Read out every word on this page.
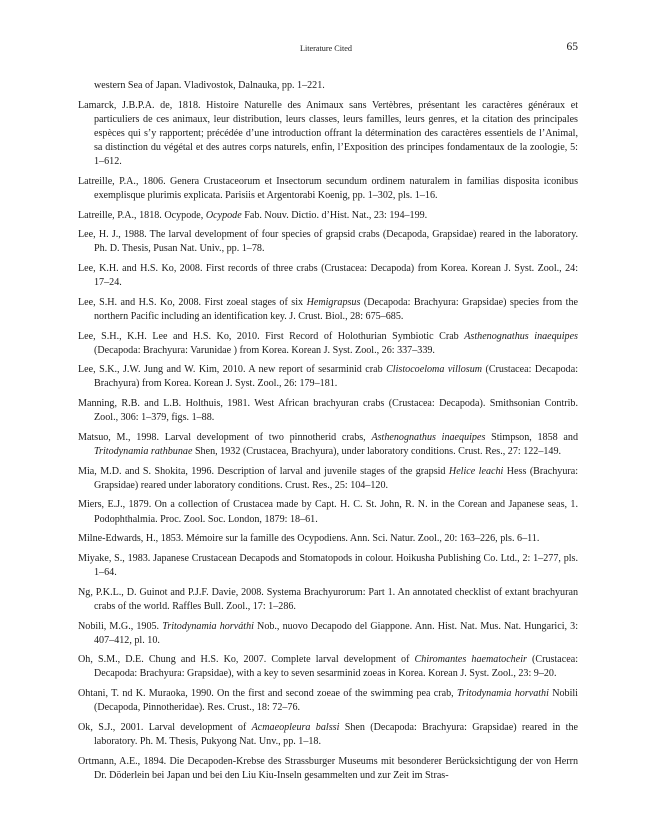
Literature Cited	65

western Sea of Japan. Vladivostok, Dalnauka, pp. 1–221.

Lamarck, J.B.P.A. de, 1818. Histoire Naturelle des Animaux sans Vertèbres, présentant les caractères généraux et particuliers de ces animaux, leur distribution, leurs classes, leurs familles, leurs genres, et la citation des principales espèces qui s’y rapportent; précédée d’une introduction offrant la détermination des caractères essentiels de l’Animal, sa distinction du végétal et des autres corps naturels, enfin, l’Exposition des principes fondamentaux de la zoologie, 5: 1–612.

Latreille, P.A., 1806. Genera Crustaceorum et Insectorum secundum ordinem naturalem in familias disposita iconibus exemplisque plurimis explicata. Parisiis et Argentorabi Koenig, pp. 1–302, pls. 1–16.

Latreille, P.A., 1818. Ocypode, Ocypode Fab. Nouv. Dictio. d’Hist. Nat., 23: 194–199.

Lee, H. J., 1988. The larval development of four species of grapsid crabs (Decapoda, Grapsidae) reared in the laboratory. Ph. D. Thesis, Pusan Nat. Univ., pp. 1–78.

Lee, K.H. and H.S. Ko, 2008. First records of three crabs (Crustacea: Decapoda) from Korea. Korean J. Syst. Zool., 24: 17–24.

Lee, S.H. and H.S. Ko, 2008. First zoeal stages of six Hemigrapsus (Decapoda: Brachyura: Grapsidae) species from the northern Pacific including an identification key. J. Crust. Biol., 28: 675–685.

Lee, S.H., K.H. Lee and H.S. Ko, 2010. First Record of Holothurian Symbiotic Crab Asthenognathus inaequipes (Decapoda: Brachyura: Varunidae ) from Korea. Korean J. Syst. Zool., 26: 337–339.

Lee, S.K., J.W. Jung and W. Kim, 2010. A new report of sesarminid crab Clistocoeloma villosum (Crustacea: Decapoda: Brachyura) from Korea. Korean J. Syst. Zool., 26: 179–181.

Manning, R.B. and L.B. Holthuis, 1981. West African brachyuran crabs (Crustacea: Decapoda). Smithsonian Contrib. Zool., 306: 1–379, figs. 1–88.

Matsuo, M., 1998. Larval development of two pinnotherid crabs, Asthenognathus inaequipes Stimpson, 1858 and Tritodynamia rathbunae Shen, 1932 (Crustacea, Brachyura), under laboratory conditions. Crust. Res., 27: 122–149.

Mia, M.D. and S. Shokita, 1996. Description of larval and juvenile stages of the grapsid Helice leachi Hess (Brachyura: Grapsidae) reared under laboratory conditions. Crust. Res., 25: 104–120.

Miers, E.J., 1879. On a collection of Crustacea made by Capt. H. C. St. John, R. N. in the Corean and Japanese seas, 1. Podophthalmia. Proc. Zool. Soc. London, 1879: 18–61.

Milne-Edwards, H., 1853. Mémoire sur la famille des Ocypodiens. Ann. Sci. Natur. Zool., 20: 163–226, pls. 6–11.

Miyake, S., 1983. Japanese Crustacean Decapods and Stomatopods in colour. Hoikusha Publishing Co. Ltd., 2: 1–277, pls. 1–64.

Ng, P.K.L., D. Guinot and P.J.F. Davie, 2008. Systema Brachyurorum: Part 1. An annotated checklist of extant brachyuran crabs of the world. Raffles Bull. Zool., 17: 1–286.

Nobili, M.G., 1905. Tritodynamia horváthi Nob., nuovo Decapodo del Giappone. Ann. Hist. Nat. Mus. Nat. Hungarici, 3: 407–412, pl. 10.

Oh, S.M., D.E. Chung and H.S. Ko, 2007. Complete larval development of Chiromantes haematocheir (Crustacea: Decapoda: Brachyura: Grapsidae), with a key to seven sesarminid zoeas in Korea. Korean J. Syst. Zool., 23: 9–20.

Ohtani, T. nd K. Muraoka, 1990. On the first and second zoeae of the swimming pea crab, Tritodynamia horvathi Nobili (Decapoda, Pinnotheridae). Res. Crust., 18: 72–76.

Ok, S.J., 2001. Larval development of Acmaeopleura balssi Shen (Decapoda: Brachyura: Grapsidae) reared in the laboratory. Ph. M. Thesis, Pukyong Nat. Unv., pp. 1–18.

Ortmann, A.E., 1894. Die Decapoden-Krebse des Strassburger Museums mit besonderer Berücksichtigung der von Herrn Dr. Döderlein bei Japan und bei den Liu Kiu-Inseln gesammelten und zur Zeit im Stras-
